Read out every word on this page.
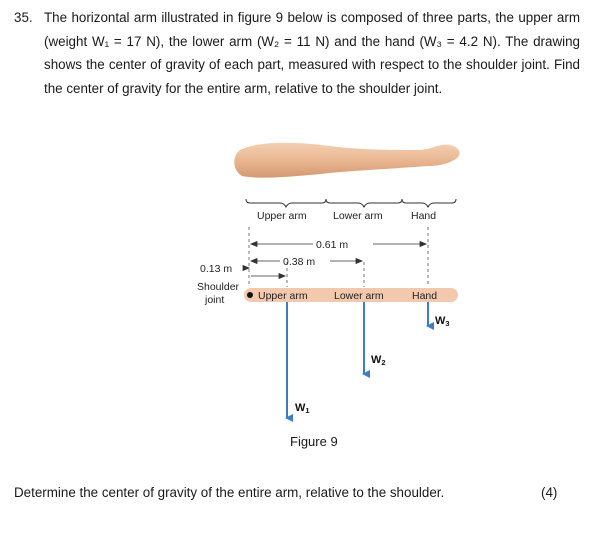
35. The horizontal arm illustrated in figure 9 below is composed of three parts, the upper arm (weight W₁ = 17 N), the lower arm (W₂ = 11 N) and the hand (W₃ = 4.2 N). The drawing shows the center of gravity of each part, measured with respect to the shoulder joint. Find the center of gravity for the entire arm, relative to the shoulder joint.
Upper arm	Lower arm	Hand
0.61 m
0.38 m
0.13 m
Shoulder
joint	Upper arm	Lower arm	Hand
W1
W2
W3
Figure 9
Determine the center of gravity of the entire arm, relative to the shoulder.	(4)
